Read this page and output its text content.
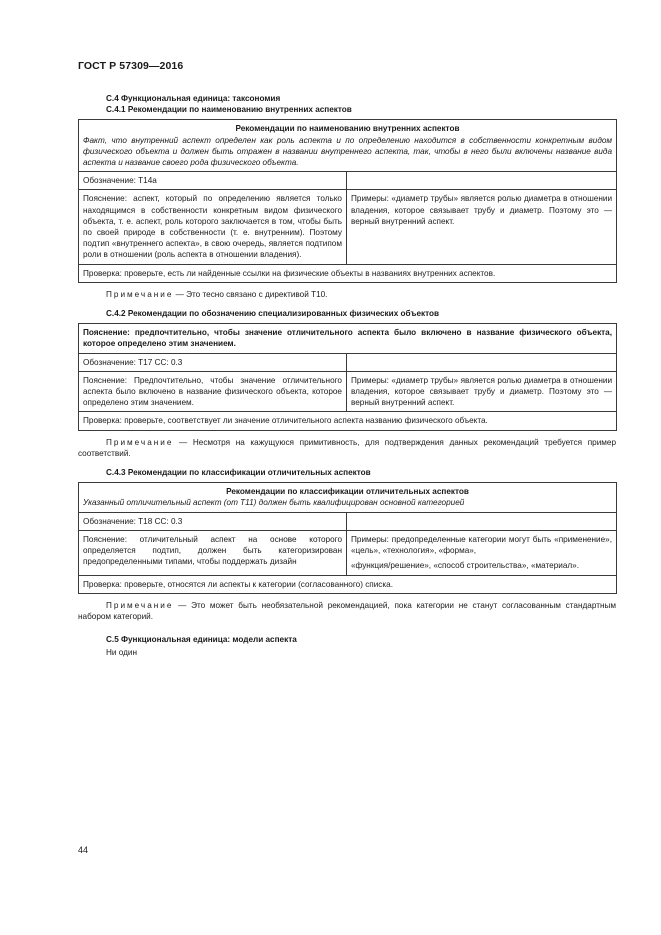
ГОСТ Р 57309—2016

С.4 Функциональная единица: таксономия

С.4.1 Рекомендации по наименованию внутренних аспектов

Рекомендации по наименованию внутренних аспектов

Факт, что внутренний аспект определен как роль аспекта и по определению находится в собственности конкретным видом физического объекта и должен быть отражен в названии внутреннего аспекта, так, чтобы в него были включены название вида аспекта и название своего рода физического объекта.	

Обозначение: Т14а	
Пояснение: аспект, который по определению является только находящимся в собственности конкретным видом физического объекта, т. е. аспект, роль которого заключается в том, чтобы быть по своей природе в собственности (т. е. внутренним). Поэтому подтип «внутреннего аспекта», в свою очередь, является подтипом роли в отношении (роль аспекта в отношении владения).	Примеры: «диаметр трубы» является ролью диаметра в отношении владения, которое связывает трубу и диаметр. Поэтому это — верный внутренний аспект.
Проверка: проверьте, есть ли найденные ссылки на физические объекты в названиях внутренних аспектов.	

Примечание — Это тесно связано с директивой Т10.

С.4.2 Рекомендации по обозначению специализированных физических объектов

Пояснение: предпочтительно, чтобы значение отличительного аспекта было включено в название физического объекта, которое определено этим значением.	
Обозначение: Т17 СС: 0.3	
Пояснение: Предпочтительно, чтобы значение отличительного аспекта было включено в название физического объекта, которое определено этим значением.	Примеры: «диаметр трубы» является ролью диаметра в отношении владения, которое связывает трубу и диаметр. Поэтому это — верный внутренний аспект.
Проверка: проверьте, соответствует ли значение отличительного аспекта названию физического объекта.	

Примечание — Несмотря на кажущуюся примитивность, для подтверждения данных рекомендаций требуется пример соответствий.

С.4.3 Рекомендации по классификации отличительных аспектов

Рекомендации по классификации отличительных аспектов

Указанный отличительный аспект (от Т11) должен быть квалифицирован основной категорией	

Обозначение: Т18 СС: 0.3	
Пояснение: отличительный аспект на основе которого определяется подтип, должен быть категоризирован предопределенными типами, чтобы поддержать дизайн	Примеры: предопределенные категории могут быть «применение», «цель», «технология», «форма»,

«функция/решение», «способ строительства», «материал».

Проверка: проверьте, относятся ли аспекты к категории (согласованного) списка.	

Примечание — Это может быть необязательной рекомендацией, пока категории не станут согласованным стандартным набором категорий.

С.5 Функциональная единица: модели аспекта

Ни один

44
